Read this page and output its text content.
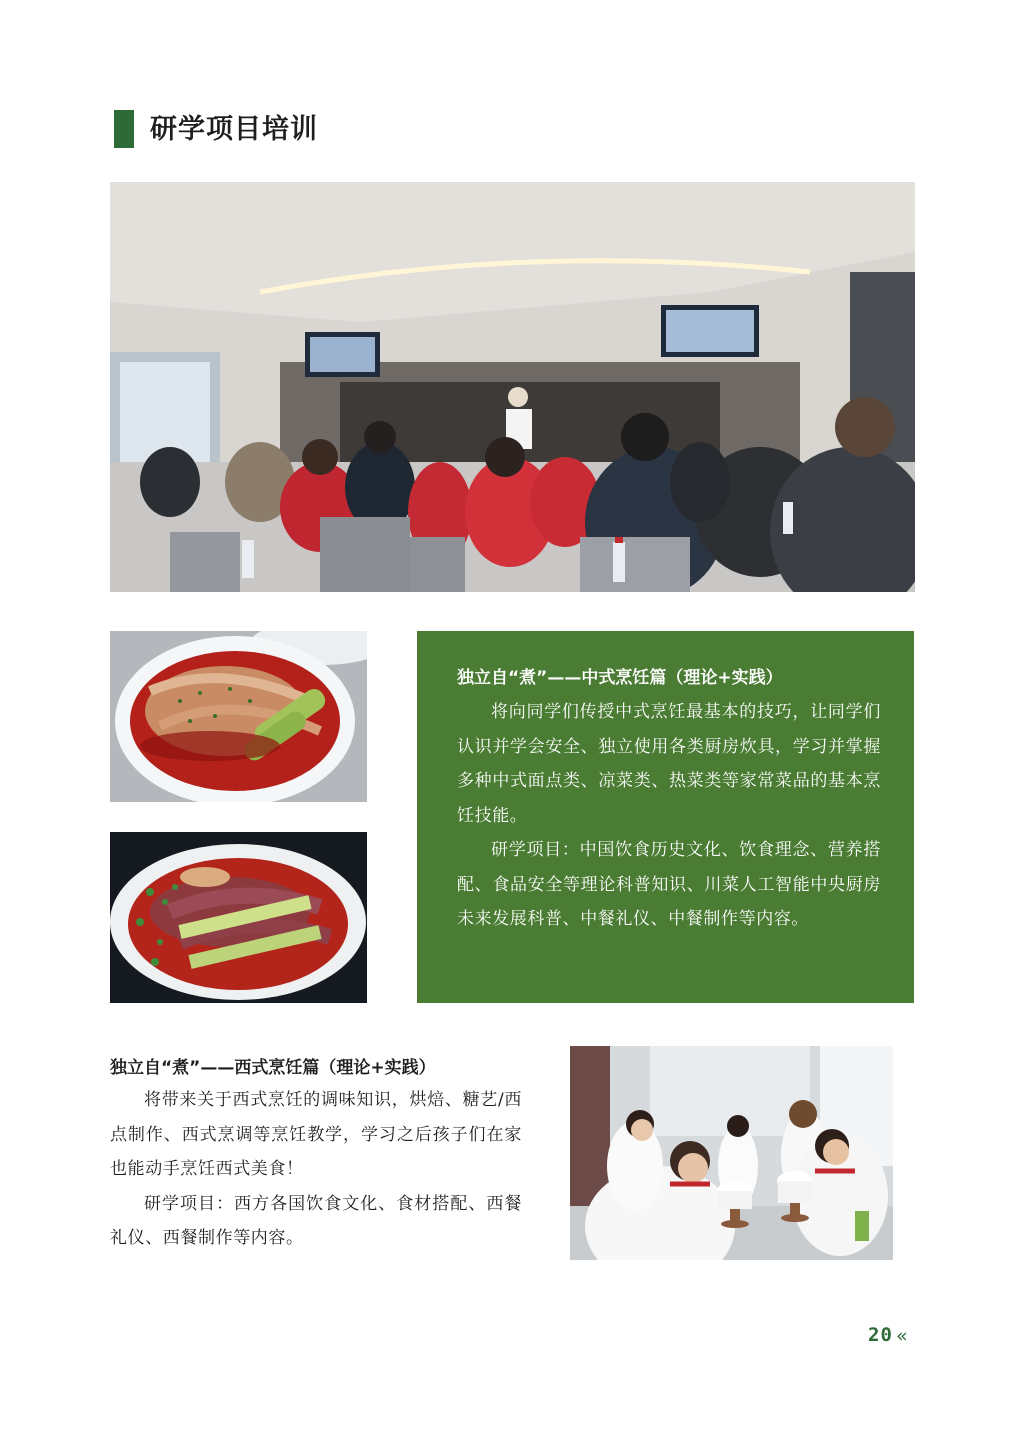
研学项目培训
独立自“煮”——中式烹饪篇（理论+实践）

将向同学们传授中式烹饪最基本的技巧，让同学们认识并学会安全、独立使用各类厨房炊具，学习并掌握多种中式面点类、凉菜类、热菜类等家常菜品的基本烹饪技能。

研学项目：中国饮食历史文化、饮食理念、营养搭配、食品安全等理论科普知识、川菜人工智能中央厨房未来发展科普、中餐礼仪、中餐制作等内容。

独立自“煮”——西式烹饪篇（理论+实践）

将带来关于西式烹饪的调味知识，烘焙、糖艺/西点制作、西式烹调等烹饪教学，学习之后孩子们在家也能动手烹饪西式美食！

研学项目：西方各国饮食文化、食材搭配、西餐礼仪、西餐制作等内容。

20 «
